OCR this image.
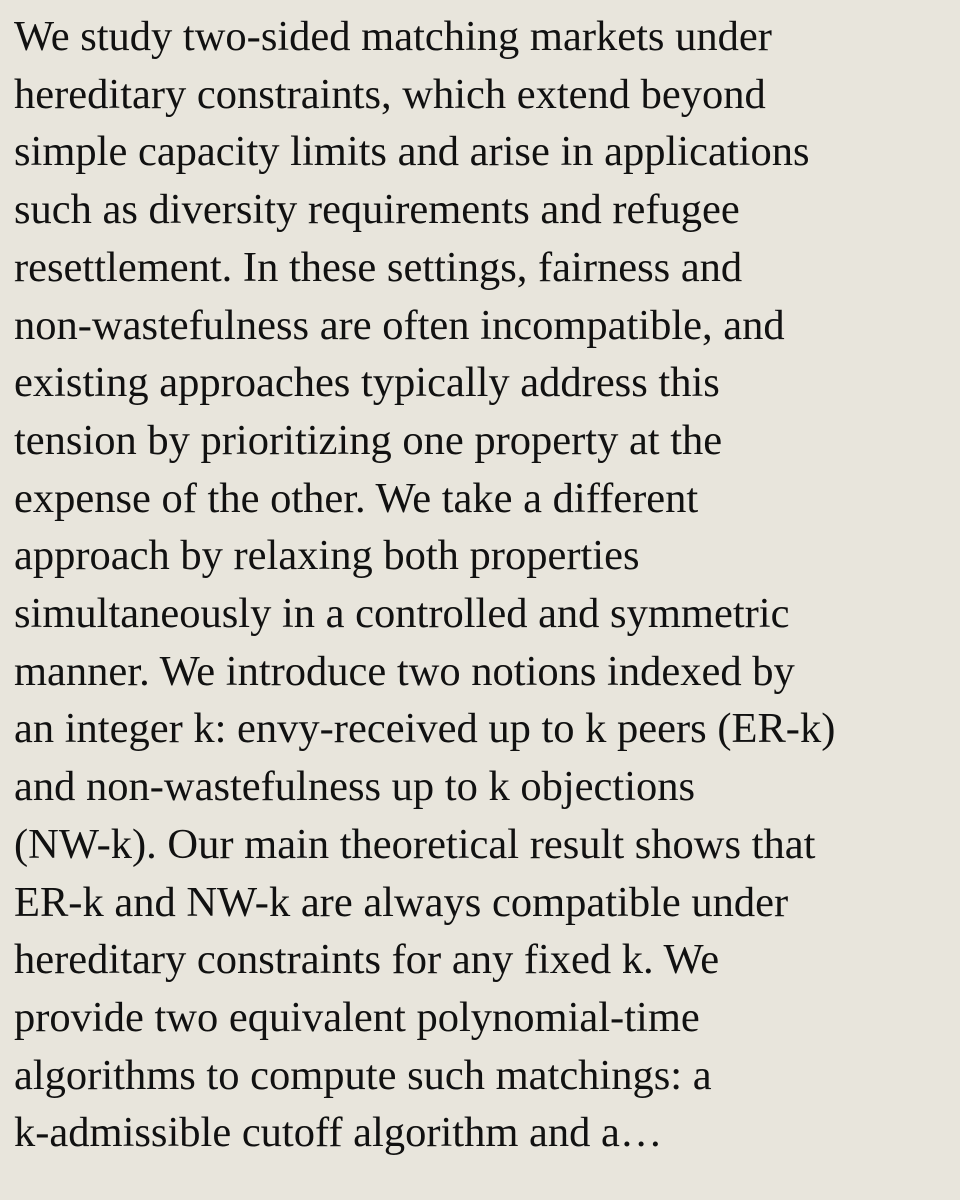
We study two-sided matching markets under
hereditary constraints, which extend beyond
simple capacity limits and arise in applications
such as diversity requirements and refugee
resettlement. In these settings, fairness and
non-wastefulness are often incompatible, and
existing approaches typically address this
tension by prioritizing one property at the
expense of the other. We take a different
approach by relaxing both properties
simultaneously in a controlled and symmetric
manner. We introduce two notions indexed by
an integer k: envy-received up to k peers (ER-k)
and non-wastefulness up to k objections
(NW-k). Our main theoretical result shows that
ER-k and NW-k are always compatible under
hereditary constraints for any fixed k. We
provide two equivalent polynomial-time
algorithms to compute such matchings: a
k-admissible cutoff algorithm and a…
